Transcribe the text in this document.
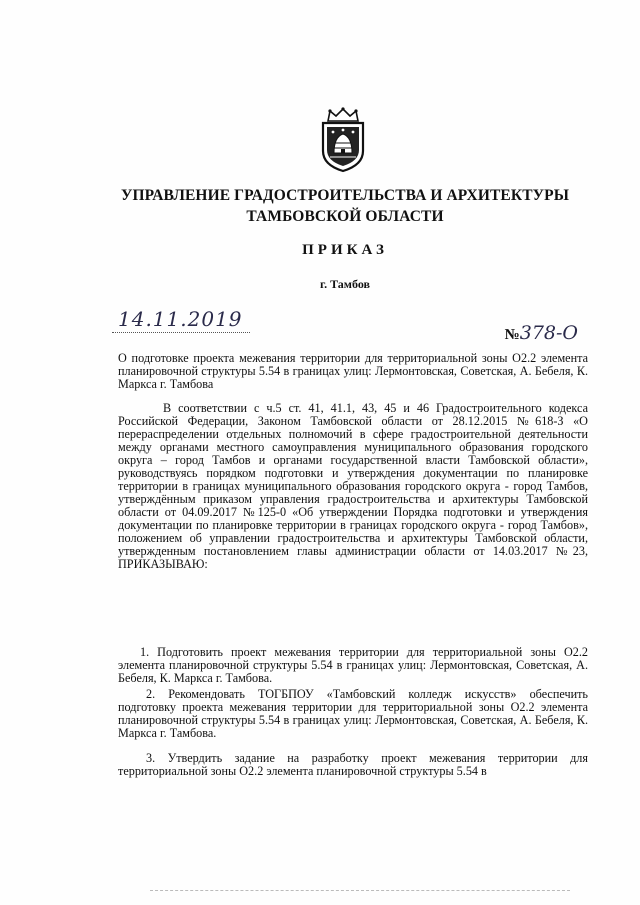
УПРАВЛЕНИЕ ГРАДОСТРОИТЕЛЬСТВА И АРХИТЕКТУРЫ
ТАМБОВСКОЙ ОБЛАСТИ
ПРИКАЗ
г. Тамбов
14.11.2019
№378-О
О подготовке проекта межевания территории для территориальной зоны О2.2 элемента планировочной структуры 5.54 в границах улиц: Лермонтовская, Советская, А. Бебеля, К. Маркса г. Тамбова
В соответствии с ч.5 ст. 41, 41.1, 43, 45 и 46 Градостроительного кодекса Российской Федерации, Законом Тамбовской области от 28.12.2015 №618-З «О перераспределении отдельных полномочий в сфере градостроительной деятельности между органами местного самоуправления муниципального образования городского округа – город Тамбов и органами государственной власти Тамбовской области», руководствуясь порядком подготовки и утверждения документации по планировке территории в границах муниципального образования городского округа - город Тамбов, утверждённым приказом управления градостроительства и архитектуры Тамбовской области от 04.09.2017 №125-0 «Об утверждении Порядка подготовки и утверждения документации по планировке территории в границах городского округа - город Тамбов», положением об управлении градостроительства и архитектуры Тамбовской области, утвержденным постановлением главы администрации области от 14.03.2017 №23, ПРИКАЗЫВАЮ:
1. Подготовить проект межевания территории для территориальной зоны О2.2 элемента планировочной структуры 5.54 в границах улиц: Лермонтовская, Советская, А. Бебеля, К. Маркса г. Тамбова.
2. Рекомендовать ТОГБПОУ «Тамбовский колледж искусств» обеспечить подготовку проекта межевания территории для территориальной зоны О2.2 элемента планировочной структуры 5.54 в границах улиц: Лермонтовская, Советская, А. Бебеля, К. Маркса г. Тамбова.
3. Утвердить задание на разработку проект межевания территории для территориальной зоны О2.2 элемента планировочной структуры 5.54 в
